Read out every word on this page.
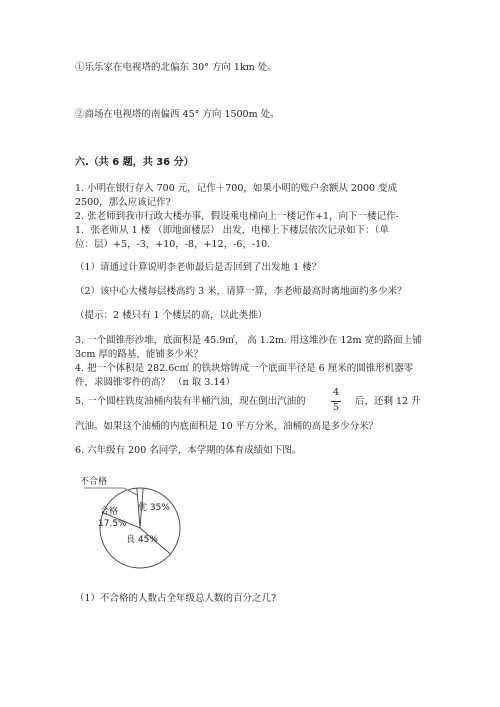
①乐乐家在电视塔的北偏东 30° 方向 1km 处。
②商场在电视塔的南偏西 45° 方向 1500m 处。
六.（共 6 题，共 36 分）
1. 小明在银行存入 700 元，记作＋700，如果小明的账户余额从 2000 变成
2500，那么应该记作?
2. 张老师到我市行政大楼办事，假设乘电梯向上一楼记作+1，向下一楼记作-
1．张老师从 1 楼 （即地面楼层） 出发，电梯上下楼层依次记录如下：（单
位：层）+5，-3，+10，-8，+12，-6，-10.
（1）请通过计算说明李老师最后是否回到了出发地 1 楼？
（2）该中心大楼每层楼高约 3 米，请算一算，李老师最高时离地面约多少米？
（提示：2 楼只有 1 个楼层的高，以此类推）
3. 一个圆锥形沙堆，底面积是 45.9㎡， 高 1.2m. 用这堆沙在 12m 宽的路面上铺
3cm 厚的路基，能铺多少米？
4. 把一个体积是 282.6c㎡ 的铁块熔铸成一个底面半径是 6 厘米的圆锥形机器零
件，求圆锥零件的高？ （π 取 3.14）
5. 一个圆柱铁皮油桶内装有半桶汽油，现在倒出汽油的
4
5
后，还剩 12 升
汽油。如果这个油桶的内底面积是 10 平方分米，油桶的高是多少分米？
6. 六年级有 200 名同学，本学期的体育成绩如下图。
不合格
优 35%
合格
17.5%
良 45%
（1）不合格的人数占全年级总人数的百分之几?
